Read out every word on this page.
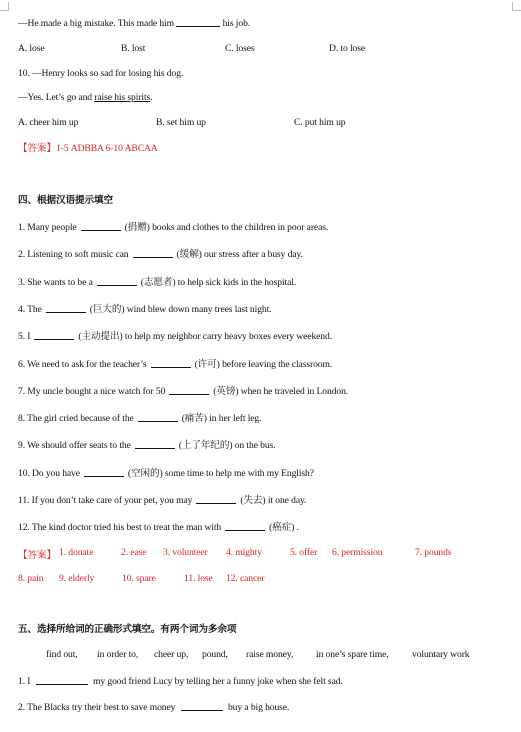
—He made a big mistake. This made him	his job.
A. lose	B. lost	C. loses	D. to lose
10. —Henry looks so sad for losing his dog.
—Yes. Let’s go and raise his spirits.
A. cheer him up	B. set him up	C. put him up
【答案】1-5 ADBBA 6-10 ABCAA
四、根据汉语提示填空
1. Many people	(捐赠) books and clothes to the children in poor areas.
2. Listening to soft music can	(缓解) our stress after a busy day.
3. She wants to be a	(志愿者) to help sick kids in the hospital.
4. The	(巨大的) wind blew down many trees last night.
5. I	(主动提出) to help my neighbor carry heavy boxes every weekend.
6. We need to ask for the teacher’s	(许可) before leaving the classroom.
7. My uncle bought a nice watch for 50	(英镑) when he traveled in London.
8. The girl cried because of the	(痛苦) in her left leg.
9. We should offer seats to the	(上了年纪的) on the bus.
10. Do you have	(空闲的) some time to help me with my English?
11. If you don’t take care of your pet, you may	(失去) it one day.
12. The kind doctor tried his best to treat the man with	(癌症) .
【答案】 1. donate	2. ease 3. volunteer 4. mighty	5. offer 6. permission	7. pounds
8. pain 9. elderly	10. spare	11. lose 12. cancer
五、选择所给词的正确形式填空。有两个词为多余项
find out, in order to, cheer up, pound, raise money, in one’s spare time, voluntary work
1. I	my good friend Lucy by telling her a funny joke when she felt sad.
2. The Blacks try their best to save money	buy a big house.
